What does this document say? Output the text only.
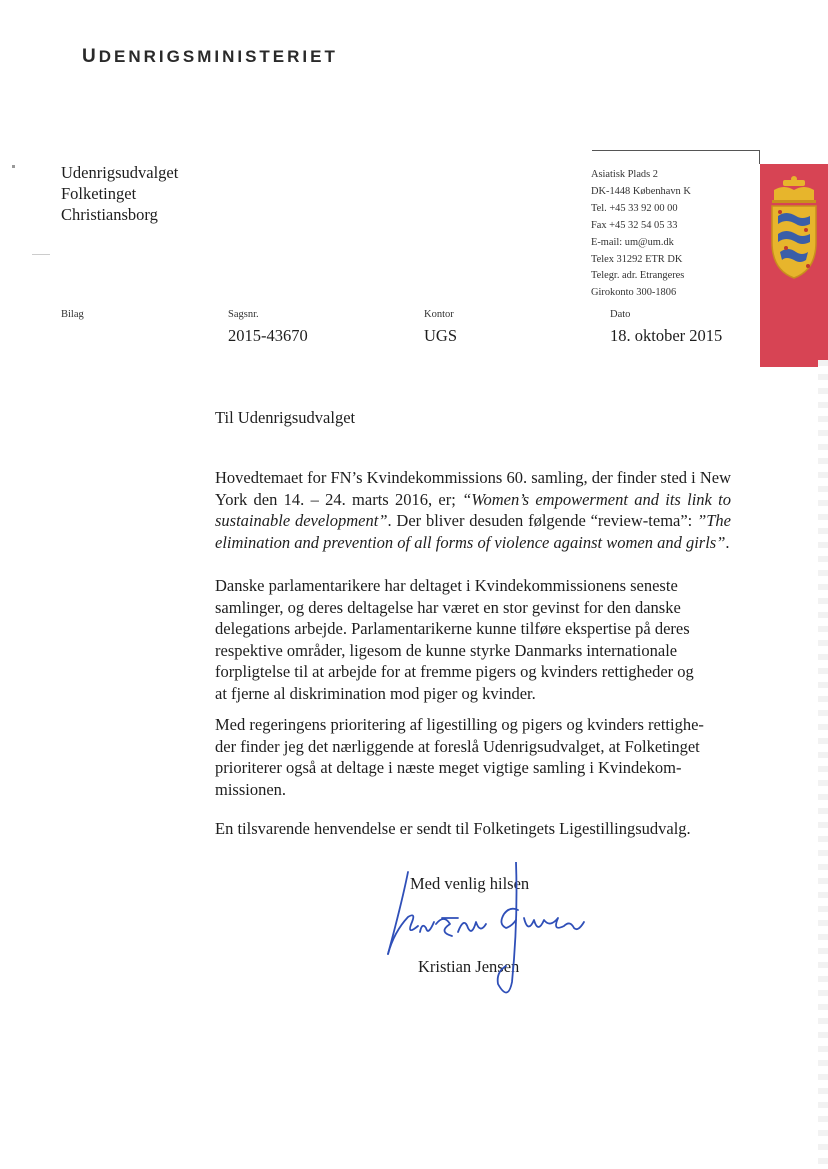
UDENRIGSMINISTERIET
Udenrigsudvalget
Folketinget
Christiansborg
Asiatisk Plads 2
DK-1448 København K
Tel. +45 33 92 00 00
Fax +45 32 54 05 33
E-mail: um@um.dk
Telex 31292 ETR DK
Telegr. adr. Etrangeres
Girokonto 300-1806
Bilag	Sagsnr.
2015-43670
Kontor
UGS
Dato
18. oktober 2015
Til Udenrigsudvalget
Hovedtemaet for FN’s Kvindekommissions 60. samling, der finder sted i New York den 14. – 24. marts 2016, er; “Women’s empowerment and its link to sustainable development”. Der bliver desuden følgende “review-tema”: ”The elimination and prevention of all forms of violence against women and girls”.
Danske parlamentarikere har deltaget i Kvindekommissionens seneste
samlinger, og deres deltagelse har været en stor gevinst for den danske
delegations arbejde. Parlamentarikerne kunne tilføre ekspertise på deres
respektive områder, ligesom de kunne styrke Danmarks internationale
forpligtelse til at arbejde for at fremme pigers og kvinders rettigheder og
at fjerne al diskrimination mod piger og kvinder.
Med regeringens prioritering af ligestilling og pigers og kvinders rettighe-
der finder jeg det nærliggende at foreslå Udenrigsudvalget, at Folketinget
prioriterer også at deltage i næste meget vigtige samling i Kvindekom-
missionen.
En tilsvarende henvendelse er sendt til Folketingets Ligestillingsudvalg.
Med venlig hilsen
Kristian Jensen
